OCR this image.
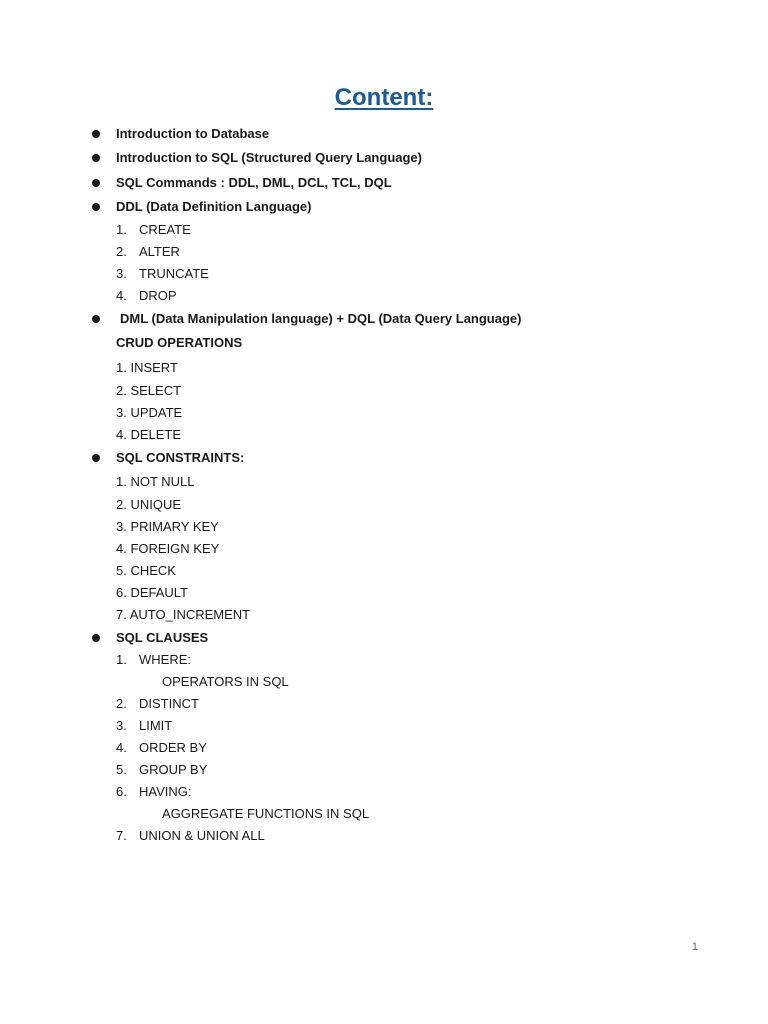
Content:
Introduction to Database
Introduction to SQL (Structured Query Language)
SQL Commands : DDL, DML, DCL, TCL, DQL
DDL (Data Definition Language)
1. CREATE
2. ALTER
3. TRUNCATE
4. DROP
DML (Data Manipulation language) + DQL (Data Query Language)
CRUD OPERATIONS
1. INSERT
2. SELECT
3. UPDATE
4. DELETE
SQL CONSTRAINTS:
1. NOT NULL
2. UNIQUE
3. PRIMARY KEY
4. FOREIGN KEY
5. CHECK
6. DEFAULT
7. AUTO_INCREMENT
SQL CLAUSES
1. WHERE:
OPERATORS IN SQL
2. DISTINCT
3. LIMIT
4. ORDER BY
5. GROUP BY
6. HAVING:
AGGREGATE FUNCTIONS IN SQL
7. UNION & UNION ALL
1
